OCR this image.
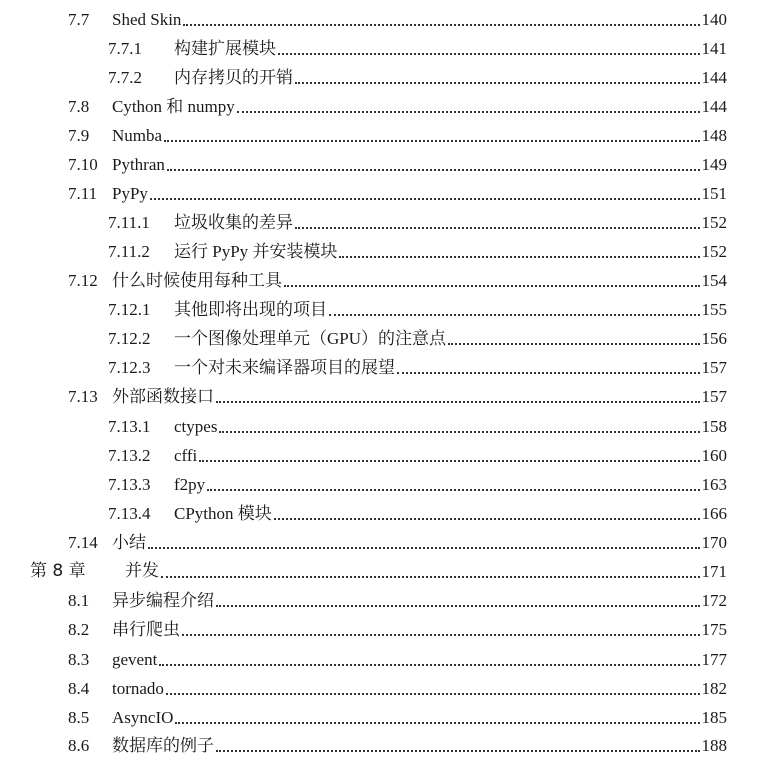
7.7	Shed Skin	140
7.7.1	构建扩展模块	141
7.7.2	内存拷贝的开销	144
7.8	Cython 和 numpy	144
7.9	Numba	148
7.10 Pythran	149
7.11 PyPy	151
7.11.1	垃圾收集的差异	152
7.11.2	运行 PyPy 并安装模块	152
7.12 什么时候使用每种工具	154
7.12.1	其他即将出现的项目	155
7.12.2	一个图像处理单元（GPU）的注意点	156
7.12.3	一个对未来编译器项目的展望	157
7.13 外部函数接口	157
7.13.1	ctypes	158
7.13.2	cffi	160
7.13.3	f2py	163
7.13.4	CPython 模块	166
7.14 小结	170
第 8 章	并发	171
8.1	异步编程介绍	172
8.2	串行爬虫	175
8.3	gevent	177
8.4	tornado	182
8.5	AsyncIO	185
8.6	数据库的例子	188
